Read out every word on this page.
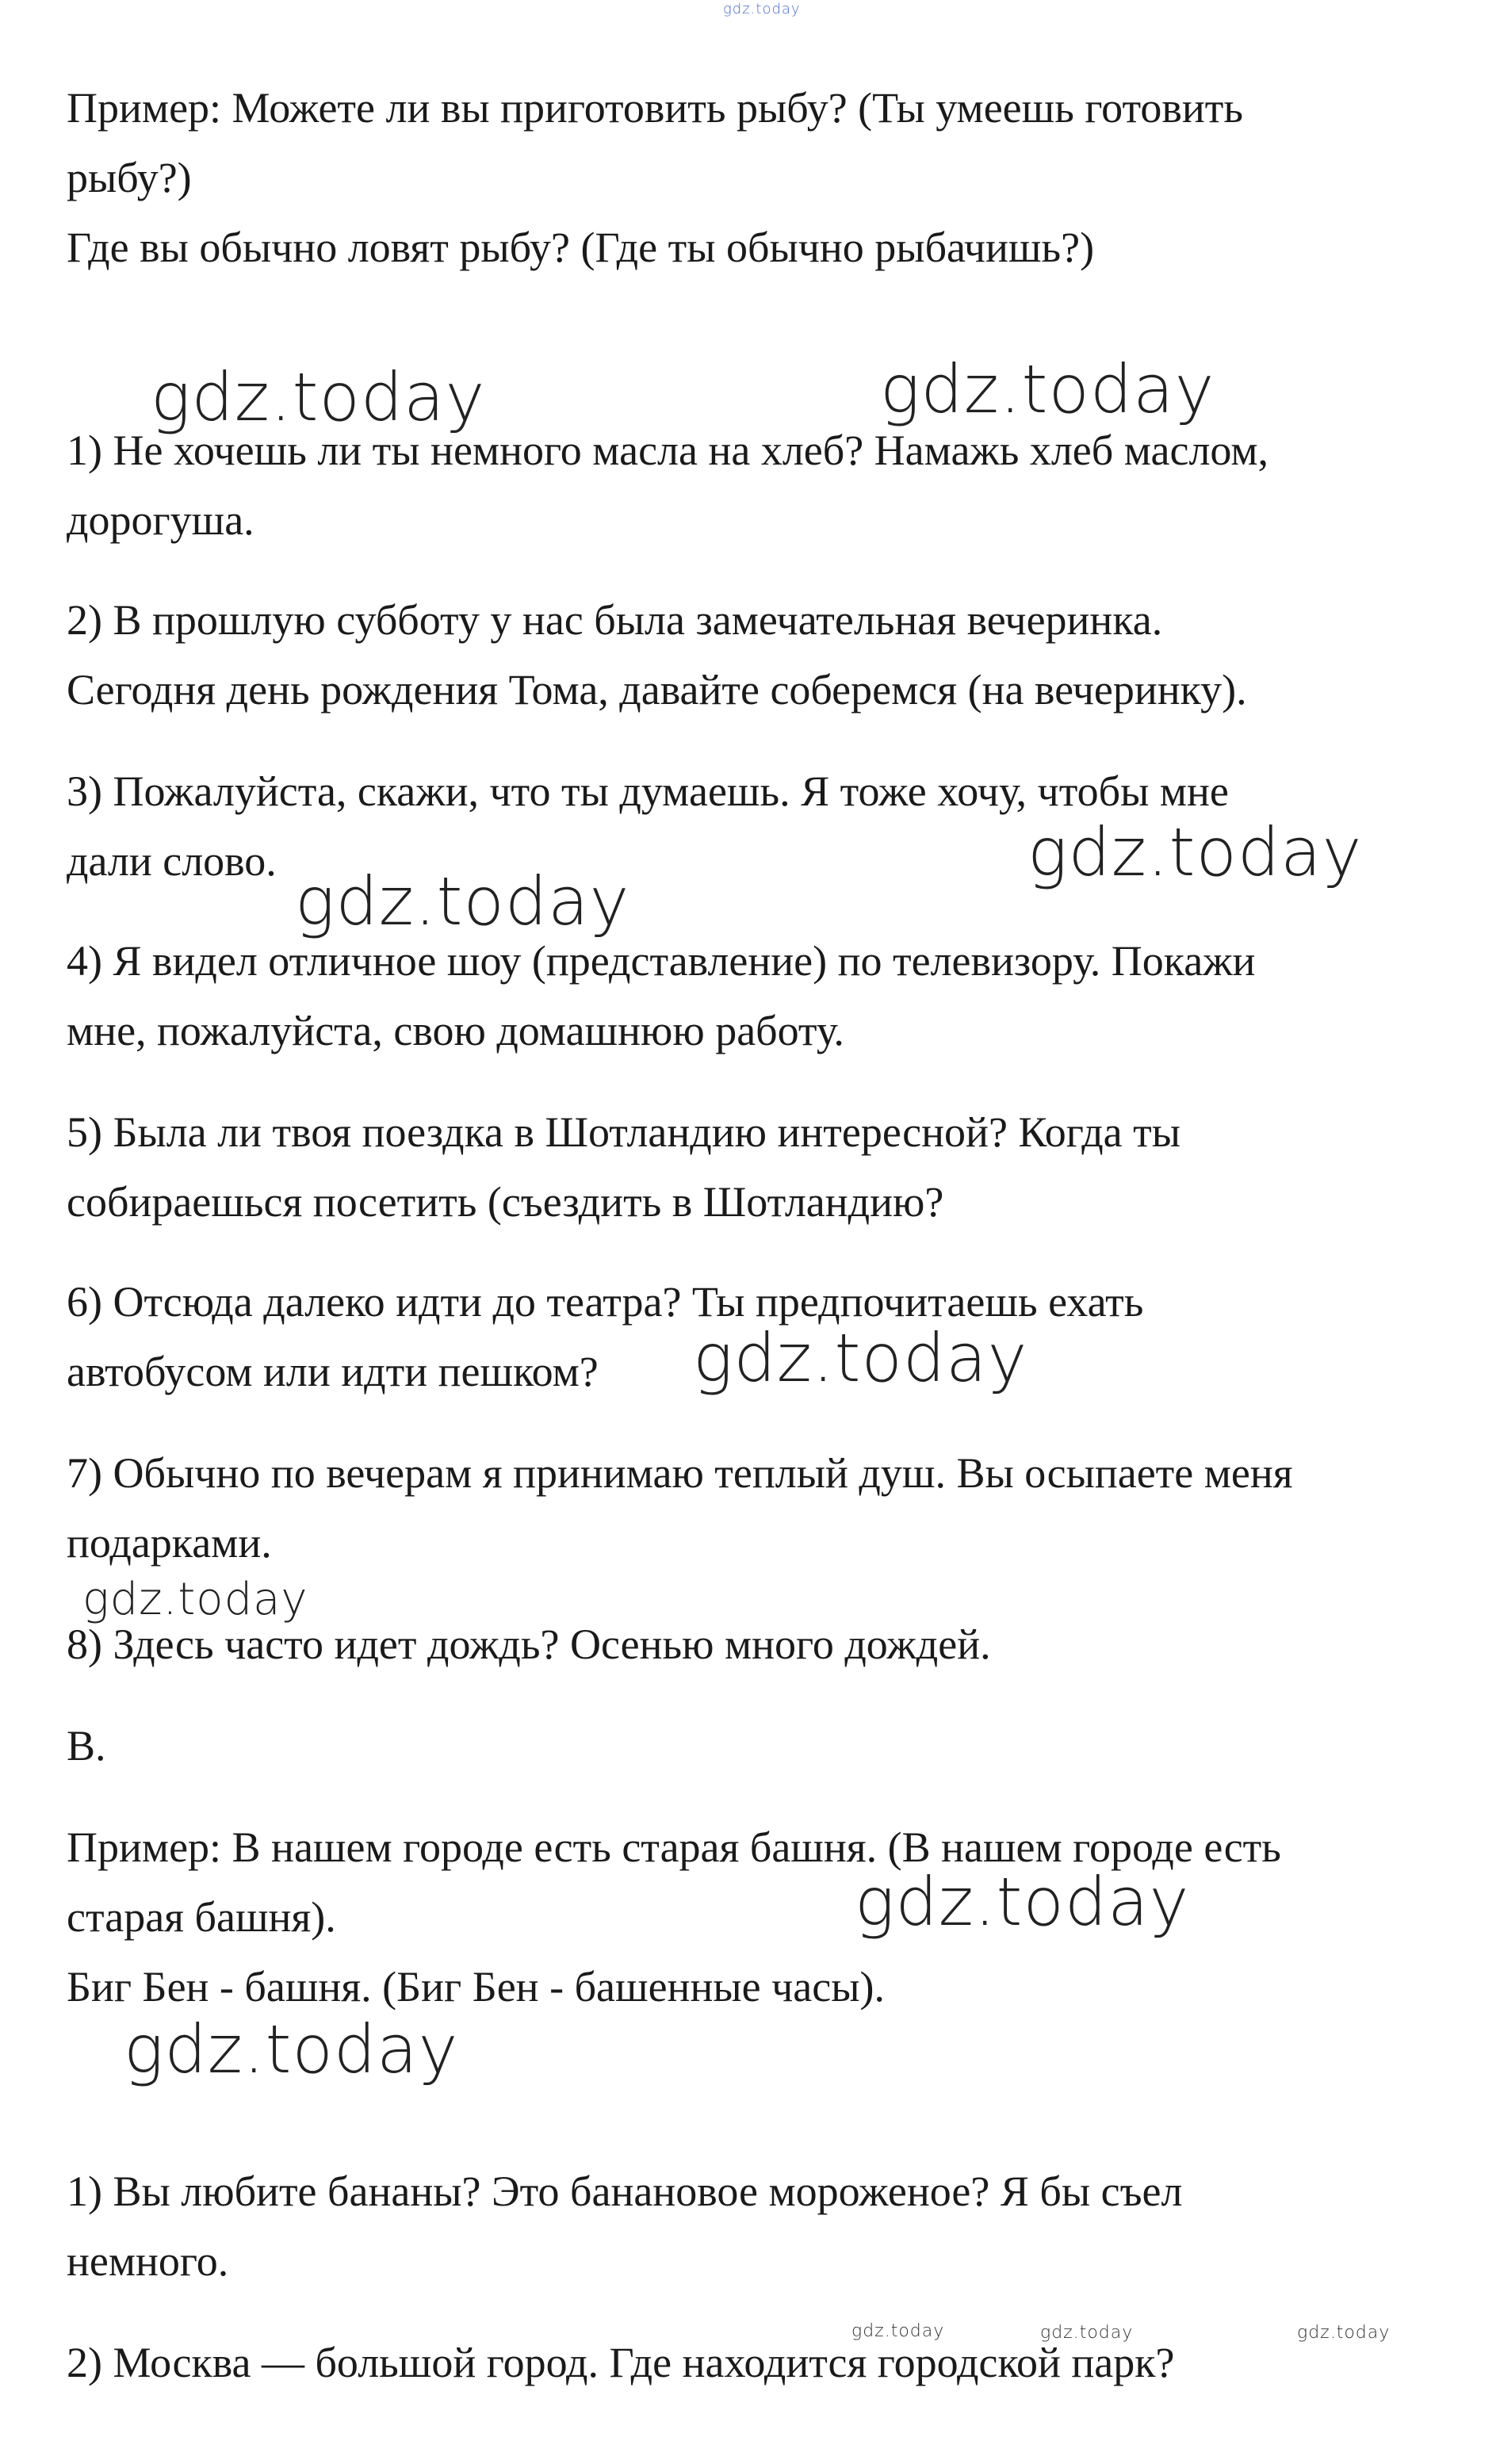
gdz.today
Пример: Можете ли вы приготовить рыбу? (Ты умеешь готовить
рыбу?)
Где вы обычно ловят рыбу? (Где ты обычно рыбачишь?)
gdz.today	gdz.today
1) Не хочешь ли ты немного масла на хлеб? Намажь хлеб маслом,
дорогуша.
2) В прошлую субботу у нас была замечательная вечеринка.
Сегодня день рождения Тома, давайте соберемся (на вечеринку).
3) Пожалуйста, скажи, что ты думаешь. Я тоже хочу, чтобы мне
дали слово.	gdz.today
gdz.today
4) Я видел отличное шоу (представление) по телевизору. Покажи
мне, пожалуйста, свою домашнюю работу.
5) Была ли твоя поездка в Шотландию интересной? Когда ты
собираешься посетить (съездить в Шотландию?
6) Отсюда далеко идти до театра? Ты предпочитаешь ехать
автобусом или идти пешком? gdz.today
7) Обычно по вечерам я принимаю теплый душ. Вы осыпаете меня
подарками.
gdz.today
8) Здесь часто идет дождь? Осенью много дождей.
B.
Пример: В нашем городе есть старая башня. (В нашем городе есть
старая башня).	gdz.today
Биг Бен - башня. (Биг Бен - башенные часы).
gdz.today
1) Вы любите бананы? Это банановое мороженое? Я бы съел
немного.
gdz.today	gdz.today	gdz.today
2) Москва — большой город. Где находится городской парк?
